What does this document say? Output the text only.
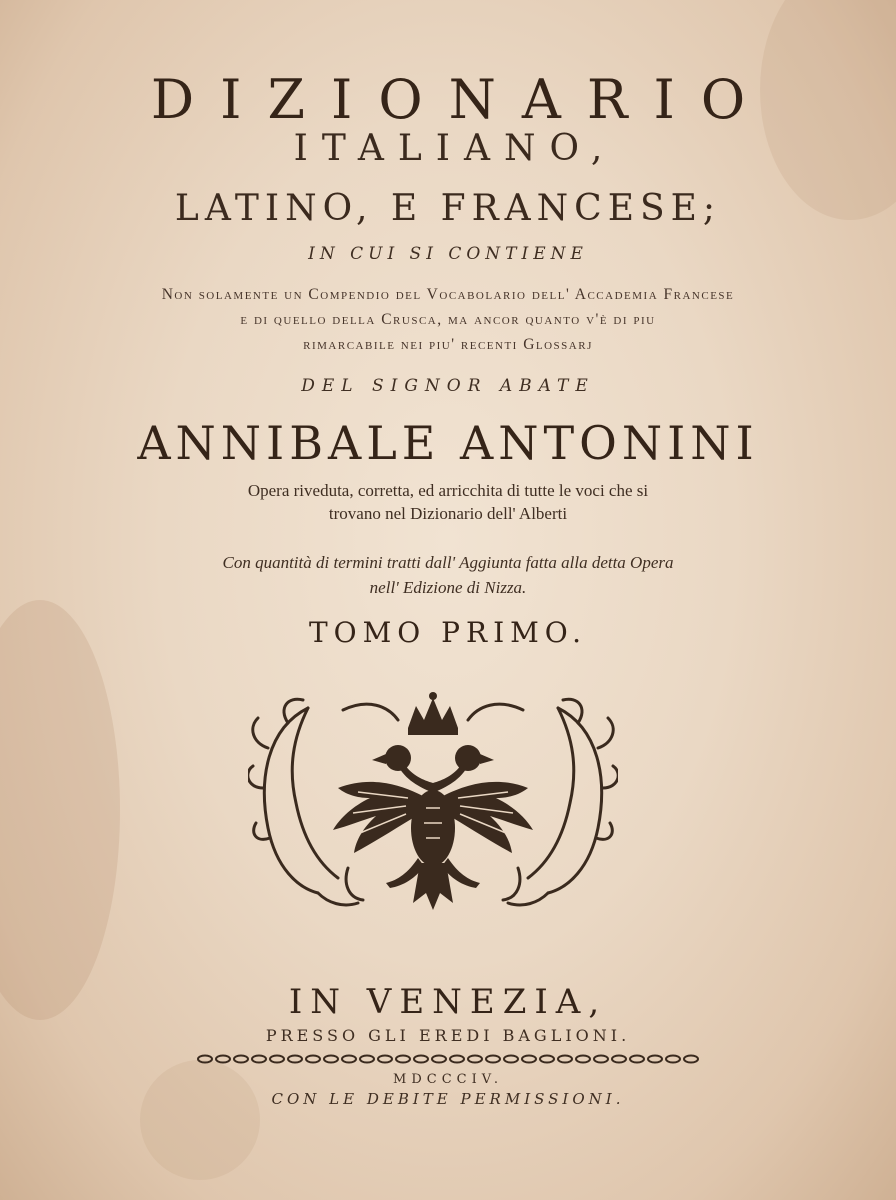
DIZIONARIO
ITALIANO,
LATINO, E FRANCESE;
IN CUI SI CONTIENE
Non solamente un Compendio del Vocabolario dell' Accademia Francese
e di quello della Crusca, ma ancor quanto v'è di piu
rimarcabile nei piu' recenti Glossarj
DEL SIGNOR ABATE
ANNIBALE ANTONINI
Opera riveduta, corretta, ed arricchita di tutte le voci che si
trovano nel Dizionario dell' Alberti
Con quantità di termini tratti dall' Aggiunta fatta alla detta Opera
nell' Edizione di Nizza.
TOMO PRIMO.
IN VENEZIA,
PRESSO GLI EREDI BAGLIONI.
MDCCCIV.
CON LE DEBITE PERMISSIONI.
